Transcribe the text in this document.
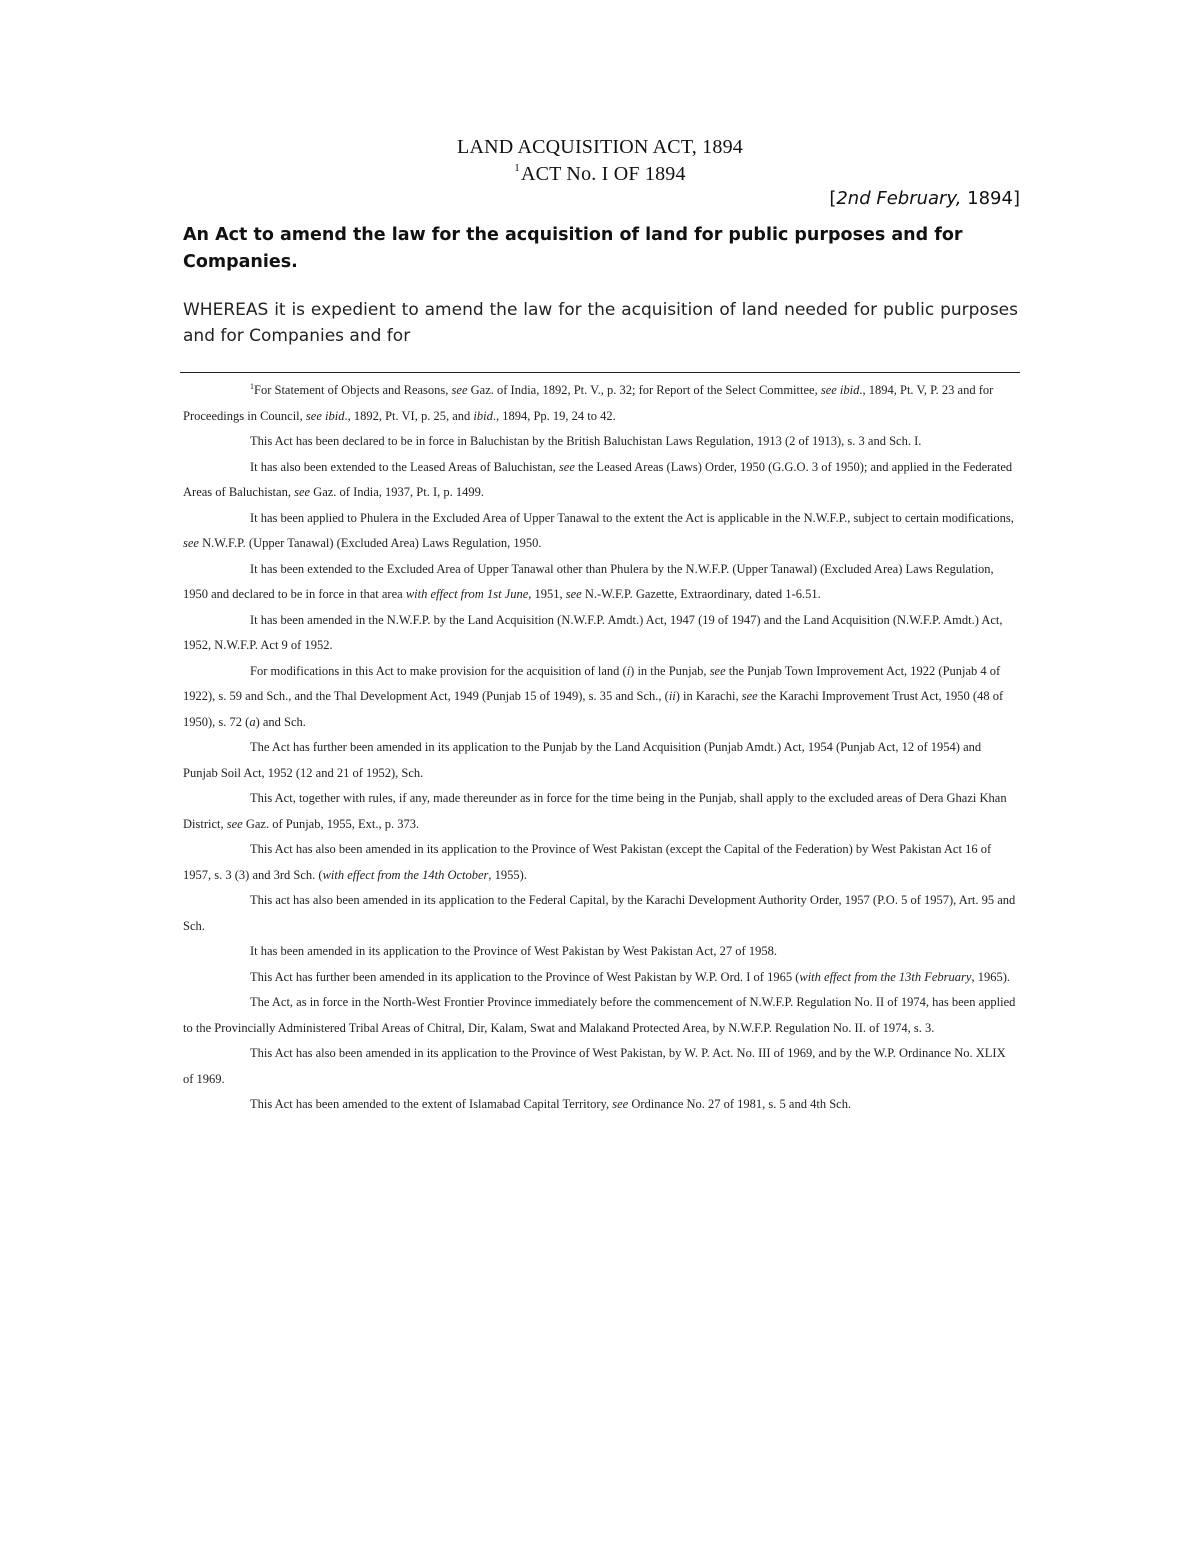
LAND ACQUISITION ACT, 1894
$^1$ACT No. I OF 1894
[2nd February, 1894]
An Act to amend the law for the acquisition of land for public purposes and for Companies.
WHEREAS it is expedient to amend the law for the acquisition of land needed for public purposes and for Companies and for

$^1$For Statement of Objects and Reasons, see Gaz. of India, 1892, Pt. V., p. 32; for Report of the Select Committee, see ibid., 1894, Pt. V, P. 23 and for Proceedings in Council, see ibid., 1892, Pt. VI, p. 25, and ibid., 1894, Pp. 19, 24 to 42.

This Act has been declared to be in force in Baluchistan by the British Baluchistan Laws Regulation, 1913 (2 of 1913), s. 3 and Sch. I.

It has also been extended to the Leased Areas of Baluchistan, see the Leased Areas (Laws) Order, 1950 (G.G.O. 3 of 1950); and applied in the Federated Areas of Baluchistan, see Gaz. of India, 1937, Pt. I, p. 1499.

It has been applied to Phulera in the Excluded Area of Upper Tanawal to the extent the Act is applicable in the N.W.F.P., subject to certain modifications, see N.W.F.P. (Upper Tanawal) (Excluded Area) Laws Regulation, 1950.

It has been extended to the Excluded Area of Upper Tanawal other than Phulera by the N.W.F.P. (Upper Tanawal) (Excluded Area) Laws Regulation, 1950 and declared to be in force in that area with effect from 1st June, 1951, see N.-W.F.P. Gazette, Extraordinary, dated 1-6.51.

It has been amended in the N.W.F.P. by the Land Acquisition (N.W.F.P. Amdt.) Act, 1947 (19 of 1947) and the Land Acquisition (N.W.F.P. Amdt.) Act, 1952, N.W.F.P. Act 9 of 1952.

For modifications in this Act to make provision for the acquisition of land (i) in the Punjab, see the Punjab Town Improvement Act, 1922 (Punjab 4 of 1922), s. 59 and Sch., and the Thal Development Act, 1949 (Punjab 15 of 1949), s. 35 and Sch., (ii) in Karachi, see the Karachi Improvement Trust Act, 1950 (48 of 1950), s. 72 (a) and Sch.

The Act has further been amended in its application to the Punjab by the Land Acquisition (Punjab Amdt.) Act, 1954 (Punjab Act, 12 of 1954) and Punjab Soil Act, 1952 (12 and 21 of 1952), Sch.

This Act, together with rules, if any, made thereunder as in force for the time being in the Punjab, shall apply to the excluded areas of Dera Ghazi Khan District, see Gaz. of Punjab, 1955, Ext., p. 373.

This Act has also been amended in its application to the Province of West Pakistan (except the Capital of the Federation) by West Pakistan Act 16 of 1957, s. 3 (3) and 3rd Sch. (with effect from the 14th October, 1955).

This act has also been amended in its application to the Federal Capital, by the Karachi Development Authority Order, 1957 (P.O. 5 of 1957), Art. 95 and Sch.

It has been amended in its application to the Province of West Pakistan by West Pakistan Act, 27 of 1958.

This Act has further been amended in its application to the Province of West Pakistan by W.P. Ord. I of 1965 (with effect from the 13th February, 1965).

The Act, as in force in the North-West Frontier Province immediately before the commencement of N.W.F.P. Regulation No. II of 1974, has been applied to the Provincially Administered Tribal Areas of Chitral, Dir, Kalam, Swat and Malakand Protected Area, by N.W.F.P. Regulation No. II. of 1974, s. 3.

This Act has also been amended in its application to the Province of West Pakistan, by W. P. Act. No. III of 1969, and by the W.P. Ordinance No. XLIX of 1969.

This Act has been amended to the extent of Islamabad Capital Territory, see Ordinance No. 27 of 1981, s. 5 and 4th Sch.
